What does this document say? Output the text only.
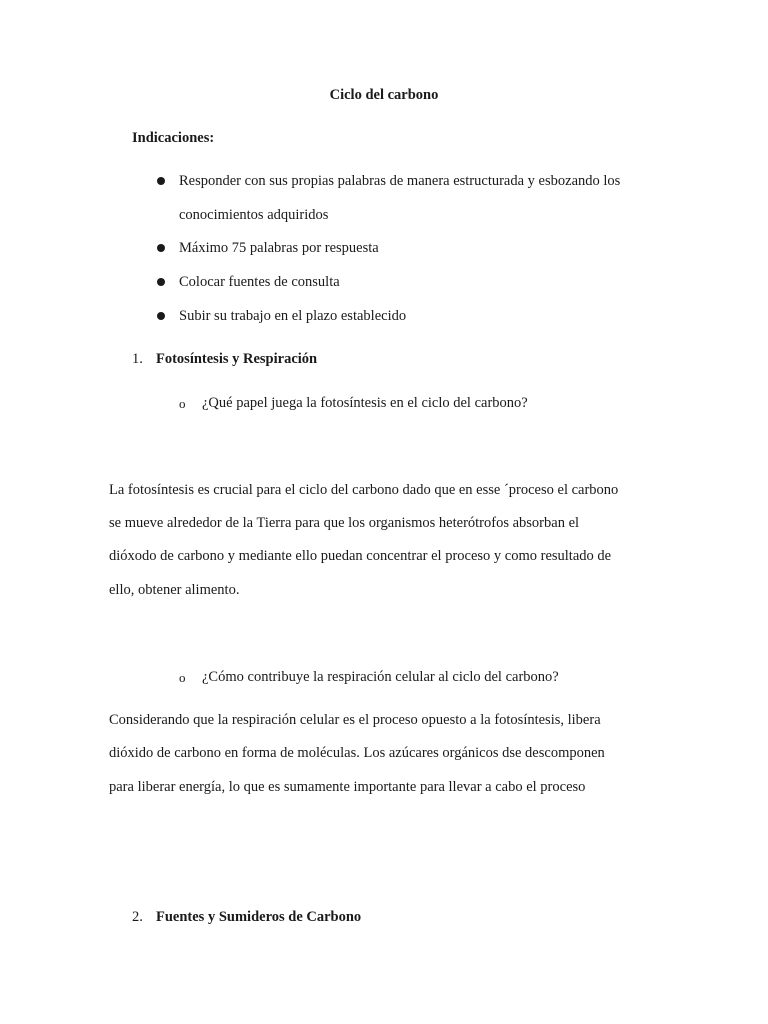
Ciclo del carbono
Indicaciones:
Responder con sus propias palabras de manera estructurada y esbozando los
conocimientos adquiridos
Máximo 75 palabras por respuesta
Colocar fuentes de consulta
Subir su trabajo en el plazo establecido
1. Fotosíntesis y Respiración
o ¿Qué papel juega la fotosíntesis en el ciclo del carbono?
La fotosíntesis es crucial para el ciclo del carbono dado que en esse ´proceso el carbono
se mueve alrededor de la Tierra para que los organismos heterótrofos absorban el
dióxodo de carbono y mediante ello puedan concentrar el proceso y como resultado de
ello, obtener alimento.
o ¿Cómo contribuye la respiración celular al ciclo del carbono?
Considerando que la respiración celular es el proceso opuesto a la fotosíntesis, libera
dióxido de carbono en forma de moléculas. Los azúcares orgánicos dse descomponen
para liberar energía, lo que es sumamente importante para llevar a cabo el proceso
2. Fuentes y Sumideros de Carbono
